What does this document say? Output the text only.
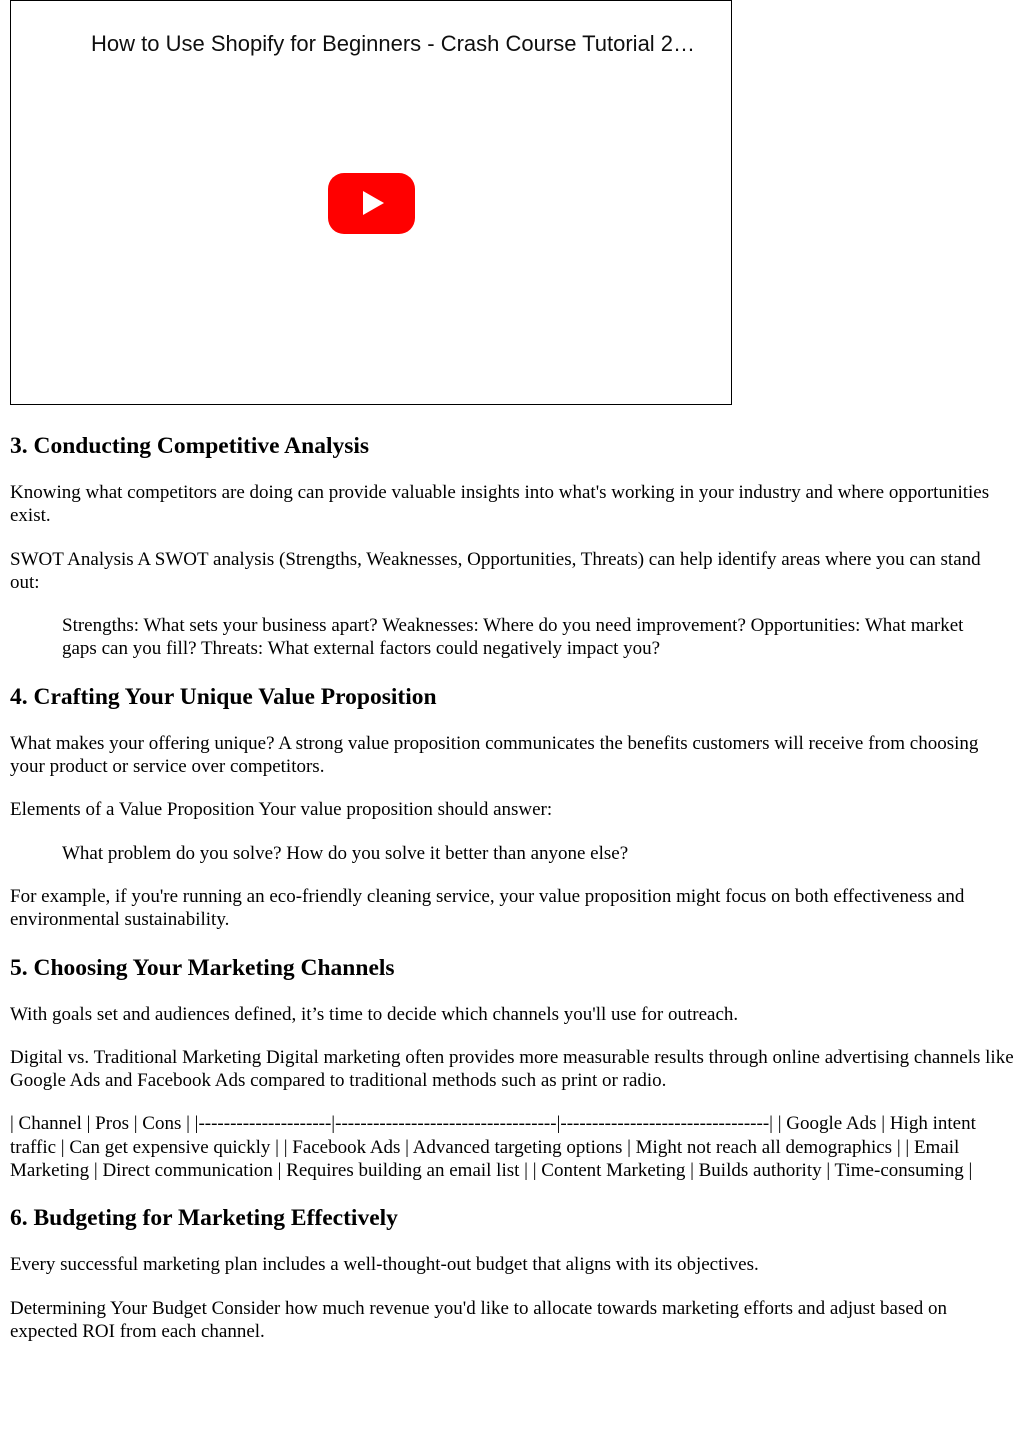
How to Use Shopify for Beginners - Crash Course Tutorial 2…
3. Conducting Competitive Analysis

Knowing what competitors are doing can provide valuable insights into what's working in your industry and where opportunities exist.

SWOT Analysis A SWOT analysis (Strengths, Weaknesses, Opportunities, Threats) can help identify areas where you can stand out:

Strengths: What sets your business apart? Weaknesses: Where do you need improvement? Opportunities: What market gaps can you fill? Threats: What external factors could negatively impact you?
4. Crafting Your Unique Value Proposition

What makes your offering unique? A strong value proposition communicates the benefits customers will receive from choosing your product or service over competitors.

Elements of a Value Proposition Your value proposition should answer:

What problem do you solve? How do you solve it better than anyone else?

For example, if you're running an eco-friendly cleaning service, your value proposition might focus on both effectiveness and environmental sustainability.

5. Choosing Your Marketing Channels

With goals set and audiences defined, it’s time to decide which channels you'll use for outreach.

Digital vs. Traditional Marketing Digital marketing often provides more measurable results through online advertising channels like Google Ads and Facebook Ads compared to traditional methods such as print or radio.

| Channel | Pros | Cons | |---------------------|-----------------------------------|---------------------------------| | Google Ads | High intent traffic | Can get expensive quickly | | Facebook Ads | Advanced targeting options | Might not reach all demographics | | Email Marketing | Direct communication | Requires building an email list | | Content Marketing | Builds authority | Time-consuming |

6. Budgeting for Marketing Effectively

Every successful marketing plan includes a well-thought-out budget that aligns with its objectives.

Determining Your Budget Consider how much revenue you'd like to allocate towards marketing efforts and adjust based on expected ROI from each channel.
